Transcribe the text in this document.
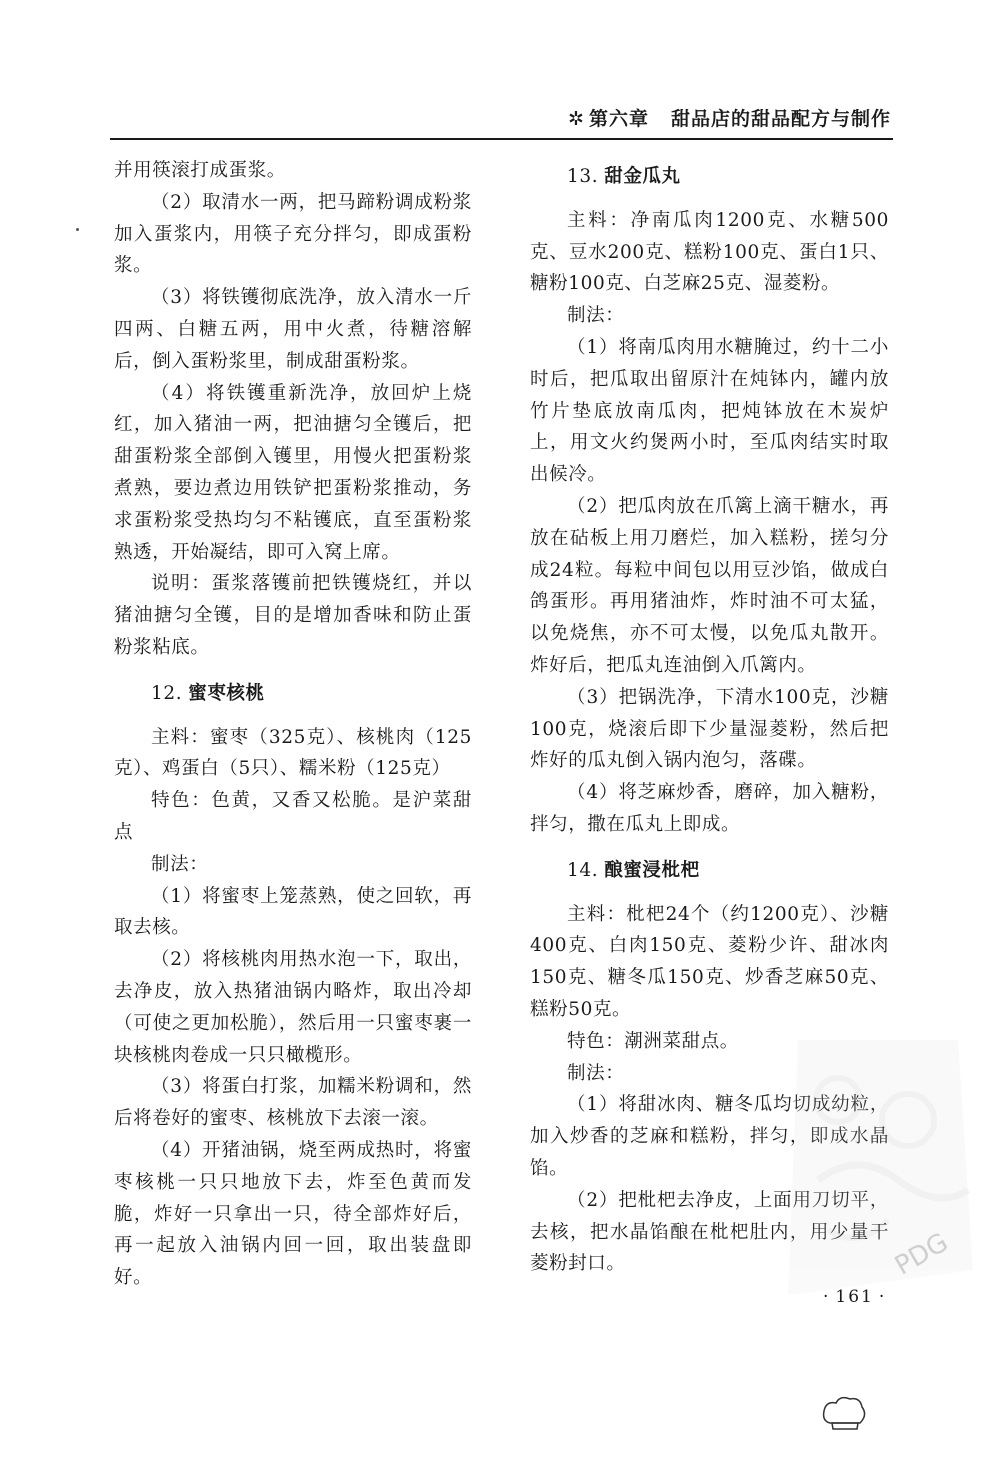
✲ 第六章 甜品店的甜品配方与制作

并用筷滚打成蛋浆。

（2）取清水一两，把马蹄粉调成粉浆加入蛋浆内，用筷子充分拌匀，即成蛋粉浆。

（3）将铁镬彻底洗净，放入清水一斤四两、白糖五两，用中火煮，待糖溶解后，倒入蛋粉浆里，制成甜蛋粉浆。

（4）将铁镬重新洗净，放回炉上烧红，加入猪油一两，把油搪匀全镬后，把甜蛋粉浆全部倒入镬里，用慢火把蛋粉浆煮熟，要边煮边用铁铲把蛋粉浆推动，务求蛋粉浆受热均匀不粘镬底，直至蛋粉浆熟透，开始凝结，即可入窝上席。

说明：蛋浆落镬前把铁镬烧红，并以猪油搪匀全镬，目的是增加香味和防止蛋粉浆粘底。

12. 蜜枣核桃

主料：蜜枣（325克）、核桃肉（125克）、鸡蛋白（5只）、糯米粉（125克）

特色：色黄，又香又松脆。是沪菜甜点

制法：

（1）将蜜枣上笼蒸熟，使之回软，再取去核。

（2）将核桃肉用热水泡一下，取出，去净皮，放入热猪油锅内略炸，取出冷却（可使之更加松脆），然后用一只蜜枣裹一块核桃肉卷成一只只橄榄形。

（3）将蛋白打浆，加糯米粉调和，然后将卷好的蜜枣、核桃放下去滚一滚。

（4）开猪油锅，烧至两成热时，将蜜枣核桃一只只地放下去，炸至色黄而发脆，炸好一只拿出一只，待全部炸好后，再一起放入油锅内回一回，取出装盘即好。

13. 甜金瓜丸

主料：净南瓜肉1200克、水糖500克、豆水200克、糕粉100克、蛋白1只、糖粉100克、白芝麻25克、湿菱粉。

制法：

（1）将南瓜肉用水糖腌过，约十二小时后，把瓜取出留原汁在炖钵内，罐内放竹片垫底放南瓜肉，把炖钵放在木炭炉上，用文火约煲两小时，至瓜肉结实时取出候冷。

（2）把瓜肉放在爪篱上滴干糖水，再放在砧板上用刀磨烂，加入糕粉，搓匀分成24粒。每粒中间包以用豆沙馅，做成白鸽蛋形。再用猪油炸，炸时油不可太猛，以免烧焦，亦不可太慢，以免瓜丸散开。炸好后，把瓜丸连油倒入爪篱内。

（3）把锅洗净，下清水100克，沙糖100克，烧滚后即下少量湿菱粉，然后把炸好的瓜丸倒入锅内泡匀，落碟。

（4）将芝麻炒香，磨碎，加入糖粉，拌匀，撒在瓜丸上即成。

14. 酿蜜浸枇杷

主料：枇杷24个（约1200克）、沙糖400克、白肉150克、菱粉少许、甜冰肉150克、糖冬瓜150克、炒香芝麻50克、糕粉50克。

特色：潮洲菜甜点。

制法：

（1）将甜冰肉、糖冬瓜均切成幼粒，加入炒香的芝麻和糕粉，拌匀，即成水晶馅。

（2）把枇杷去净皮，上面用刀切平，去核，把水晶馅酿在枇杷肚内，用少量干菱粉封口。

· 161 ·
PDG
